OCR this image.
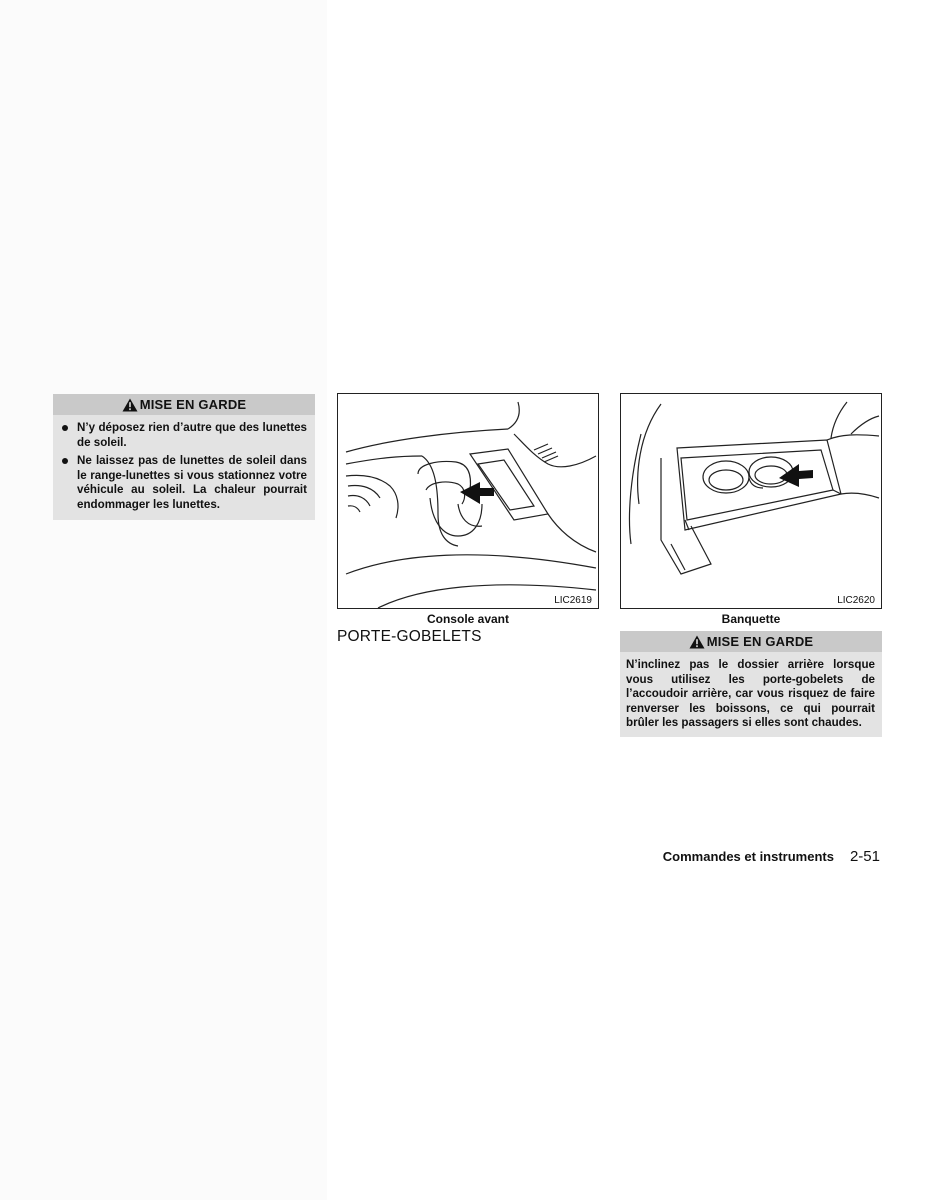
MISE EN GARDE
N’y déposez rien d’autre que des lunettes de soleil.
Ne laissez pas de lunettes de soleil dans le range-lunettes si vous stationnez votre véhicule au soleil. La chaleur pourrait endommager les lunettes.
LIC2619
Console avant
LIC2620
Banquette
PORTE-GOBELETS	MISE EN GARDE
N’inclinez pas le dossier arrière lorsque vous utilisez les porte-gobelets de l’accoudoir arrière, car vous risquez de faire renverser les boissons, ce qui pourrait brûler les passagers si elles sont chaudes.
Commandes et instruments 2-51
